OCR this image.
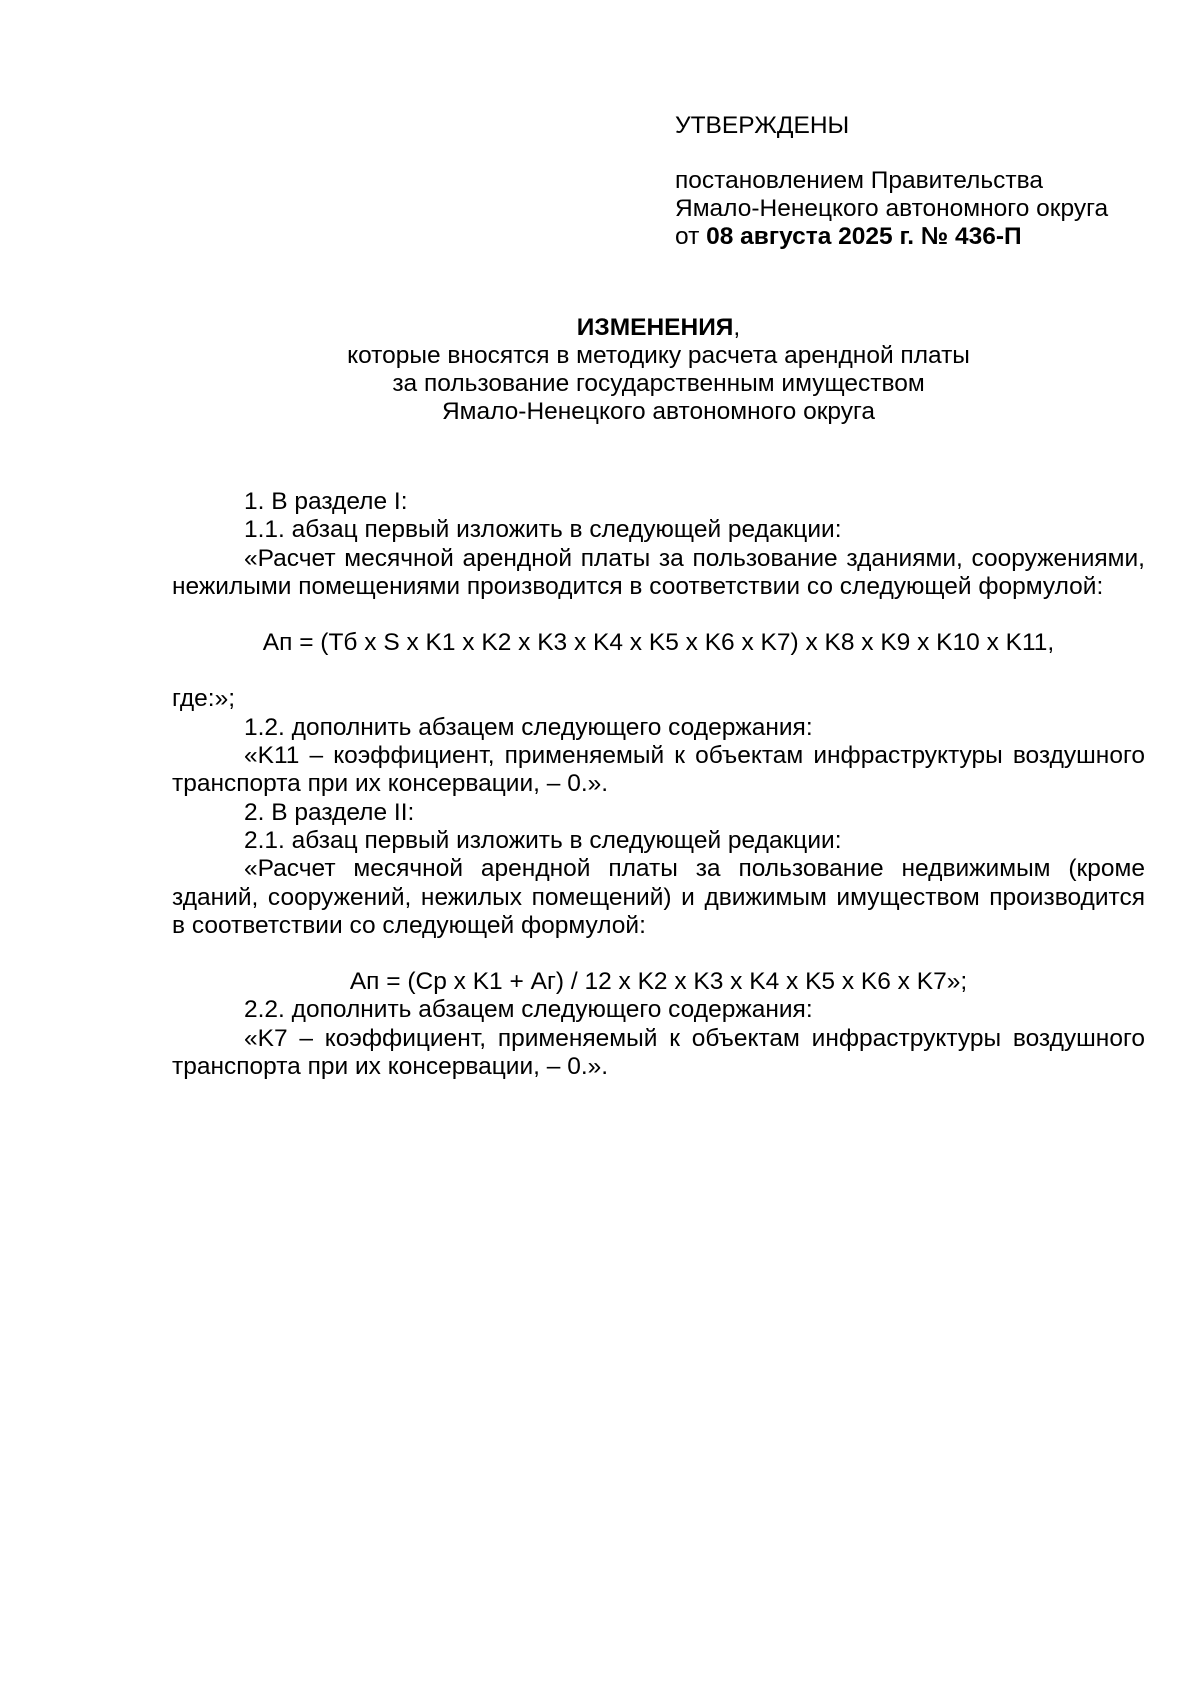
УТВЕРЖДЕНЫ
постановлением Правительства
Ямало-Ненецкого автономного округа
от 08 августа 2025 г. № 436-П
ИЗМЕНЕНИЯ,
которые вносятся в методику расчета арендной платы
за пользование государственным имуществом
Ямало-Ненецкого автономного округа

1. В разделе I:

1.1. абзац первый изложить в следующей редакции:

«Расчет месячной арендной платы за пользование зданиями, сооружениями, нежилыми помещениями производится в соответствии со следующей формулой:

Ап = (Тб х S х K1 х K2 х K3 х K4 х K5 х K6 х K7) х K8 х K9 х K10 х K11,

где:»;

1.2. дополнить абзацем следующего содержания:

«K11 – коэффициент, применяемый к объектам инфраструктуры воздушного транспорта при их консервации, – 0.».

2. В разделе II:

2.1. абзац первый изложить в следующей редакции:

«Расчет месячной арендной платы за пользование недвижимым (кроме зданий, сооружений, нежилых помещений) и движимым имуществом производится в соответствии со следующей формулой:

Ап = (Ср х K1 + Аг) / 12 х K2 х K3 х K4 х K5 х K6 х K7»;

2.2. дополнить абзацем следующего содержания:

«K7 – коэффициент, применяемый к объектам инфраструктуры воздушного транспорта при их консервации, – 0.».
